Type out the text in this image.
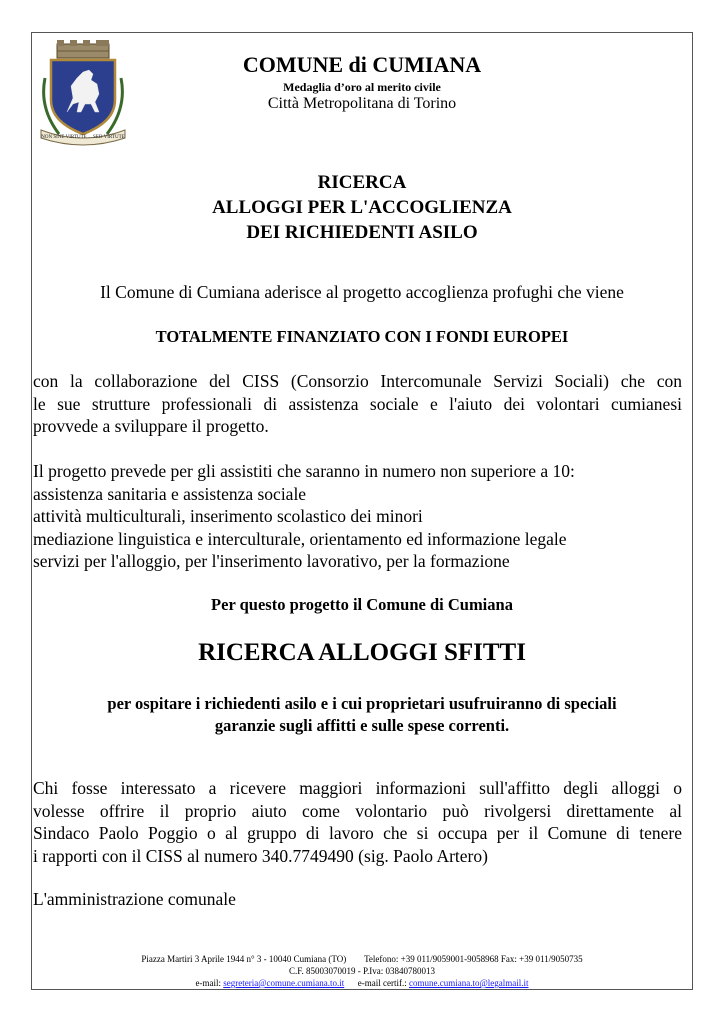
NON SINE VIRTUTE ... SED VIRTUTE
COMUNE di CUMIANA
Medaglia d’oro al merito civile
Città Metropolitana di Torino
RICERCA
ALLOGGI PER L'ACCOGLIENZA
DEI RICHIEDENTI ASILO
Il Comune di Cumiana aderisce al progetto accoglienza profughi che viene
TOTALMENTE FINANZIATO CON I FONDI EUROPEI
con la collaborazione del CISS (Consorzio Intercomunale Servizi Sociali) che con
le sue strutture professionali di assistenza sociale e l'aiuto dei volontari cumianesi
provvede a sviluppare il progetto.
Il progetto prevede per gli assistiti che saranno in numero non superiore a 10:
assistenza sanitaria e assistenza sociale
attività multiculturali, inserimento scolastico dei minori
mediazione linguistica e interculturale, orientamento ed informazione legale
servizi per l'alloggio, per l'inserimento lavorativo, per la formazione
Per questo progetto il Comune di Cumiana
RICERCA ALLOGGI SFITTI
per ospitare i richiedenti asilo e i cui proprietari usufruiranno di speciali
garanzie sugli affitti e sulle spese correnti.
Chi fosse interessato a ricevere maggiori informazioni sull'affitto degli alloggi o
volesse offrire il proprio aiuto come volontario può rivolgersi direttamente al
Sindaco Paolo Poggio o al gruppo di lavoro che si occupa per il Comune di tenere
i rapporti con il CISS al numero 340.7749490 (sig. Paolo Artero)
L'amministrazione comunale
Piazza Martiri 3 Aprile 1944 n° 3 - 10040 Cumiana (TO) Telefono: +39 011/9059001-9058968 Fax: +39 011/9050735
C.F. 85003070019 - P.Iva: 03840780013
e-mail: segreteria@comune.cumiana.to.it e-mail certif.: comune.cumiana.to@legalmail.it
